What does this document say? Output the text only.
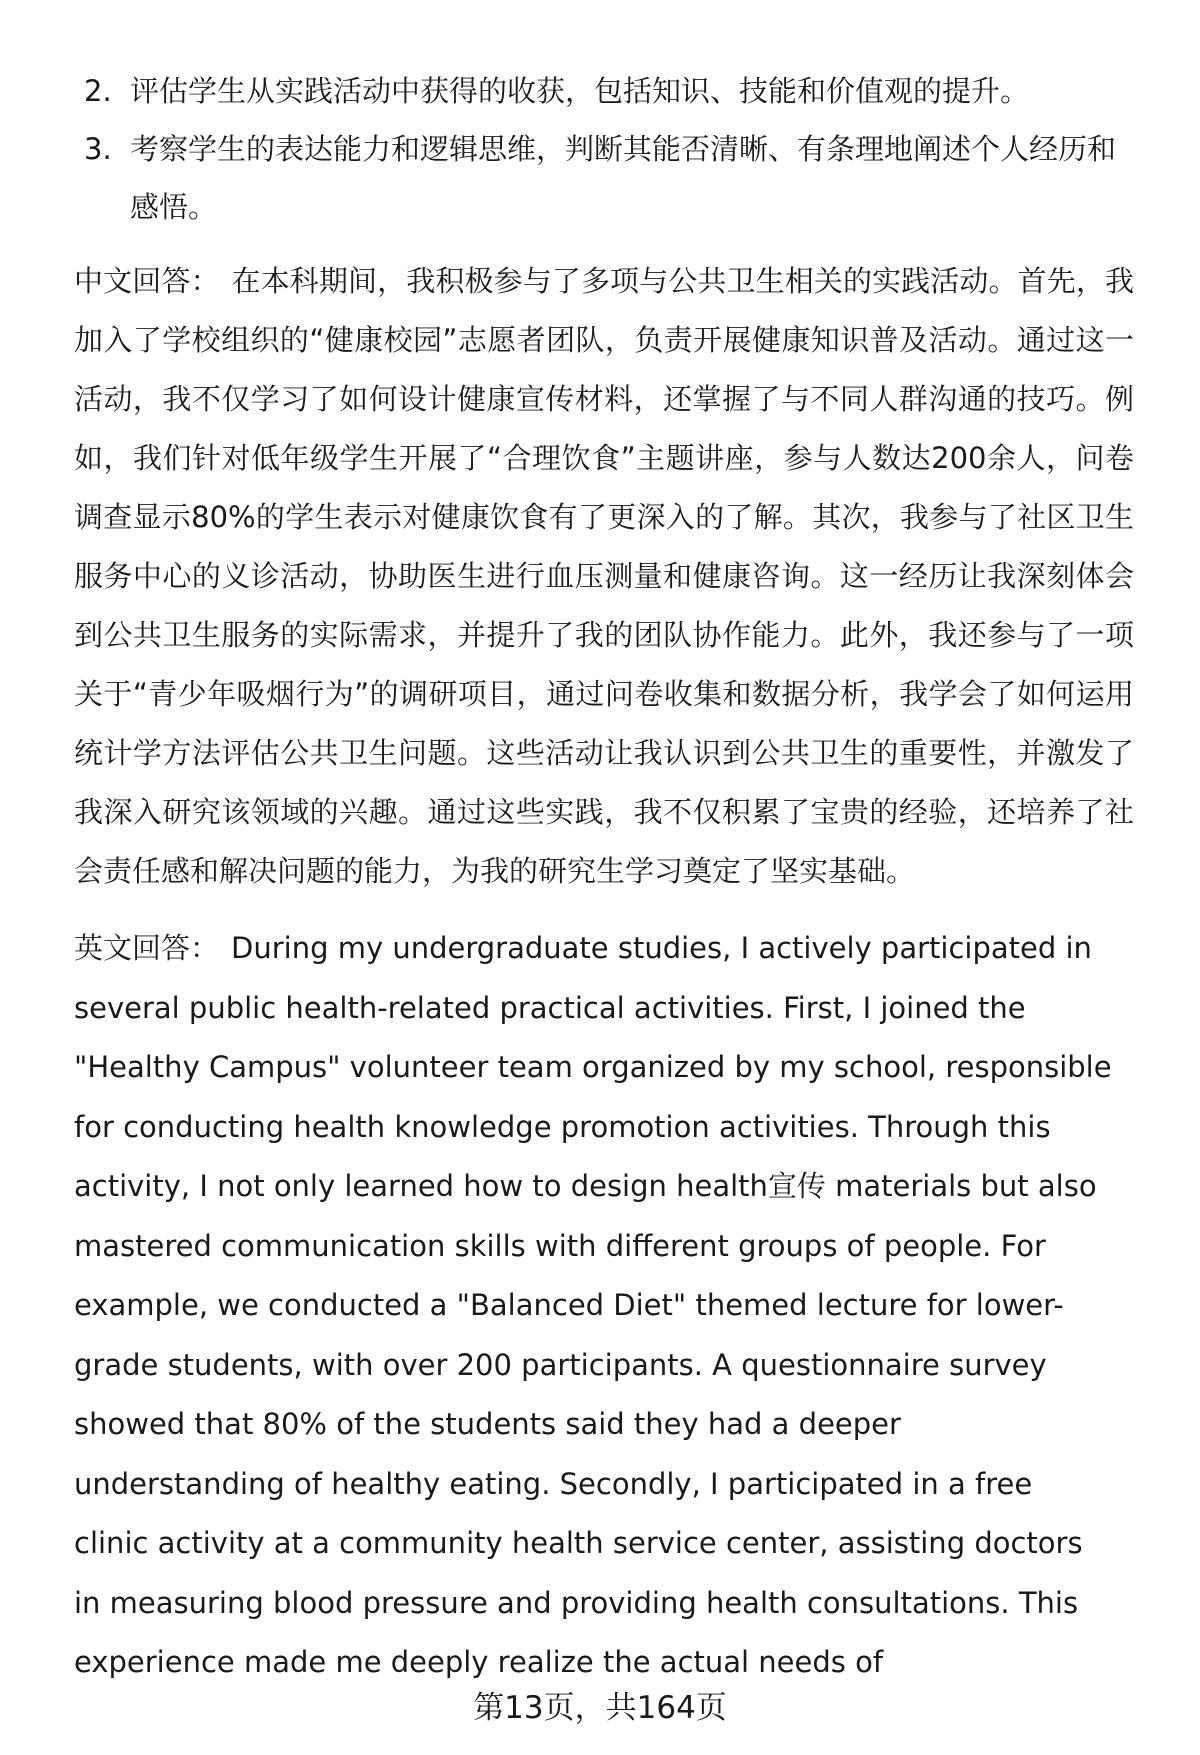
2. 评估学生从实践活动中获得的收获，包括知识、技能和价值观的提升。
3. 考察学生的表达能力和逻辑思维，判断其能否清晰、有条理地阐述个人经历和感悟。

中文回答： 在本科期间，我积极参与了多项与公共卫生相关的实践活动。首先，我加入了学校组织的“健康校园”志愿者团队，负责开展健康知识普及活动。通过这一活动，我不仅学习了如何设计健康宣传材料，还掌握了与不同人群沟通的技巧。例如，我们针对低年级学生开展了“合理饮食”主题讲座，参与人数达200余人，问卷调查显示80%的学生表示对健康饮食有了更深入的了解。其次，我参与了社区卫生服务中心的义诊活动，协助医生进行血压测量和健康咨询。这一经历让我深刻体会到公共卫生服务的实际需求，并提升了我的团队协作能力。此外，我还参与了一项关于“青少年吸烟行为”的调研项目，通过问卷收集和数据分析，我学会了如何运用统计学方法评估公共卫生问题。这些活动让我认识到公共卫生的重要性，并激发了我深入研究该领域的兴趣。通过这些实践，我不仅积累了宝贵的经验，还培养了社会责任感和解决问题的能力，为我的研究生学习奠定了坚实基础。

英文回答： During my undergraduate studies, I actively participated in several public health-related practical activities. First, I joined the "Healthy Campus" volunteer team organized by my school, responsible for conducting health knowledge promotion activities. Through this activity, I not only learned how to design health宣传 materials but also mastered communication skills with different groups of people. For example, we conducted a "Balanced Diet" themed lecture for lower-grade students, with over 200 participants. A questionnaire survey showed that 80% of the students said they had a deeper understanding of healthy eating. Secondly, I participated in a free clinic activity at a community health service center, assisting doctors in measuring blood pressure and providing health consultations. This experience made me deeply realize the actual needs of

第13页，共164页
